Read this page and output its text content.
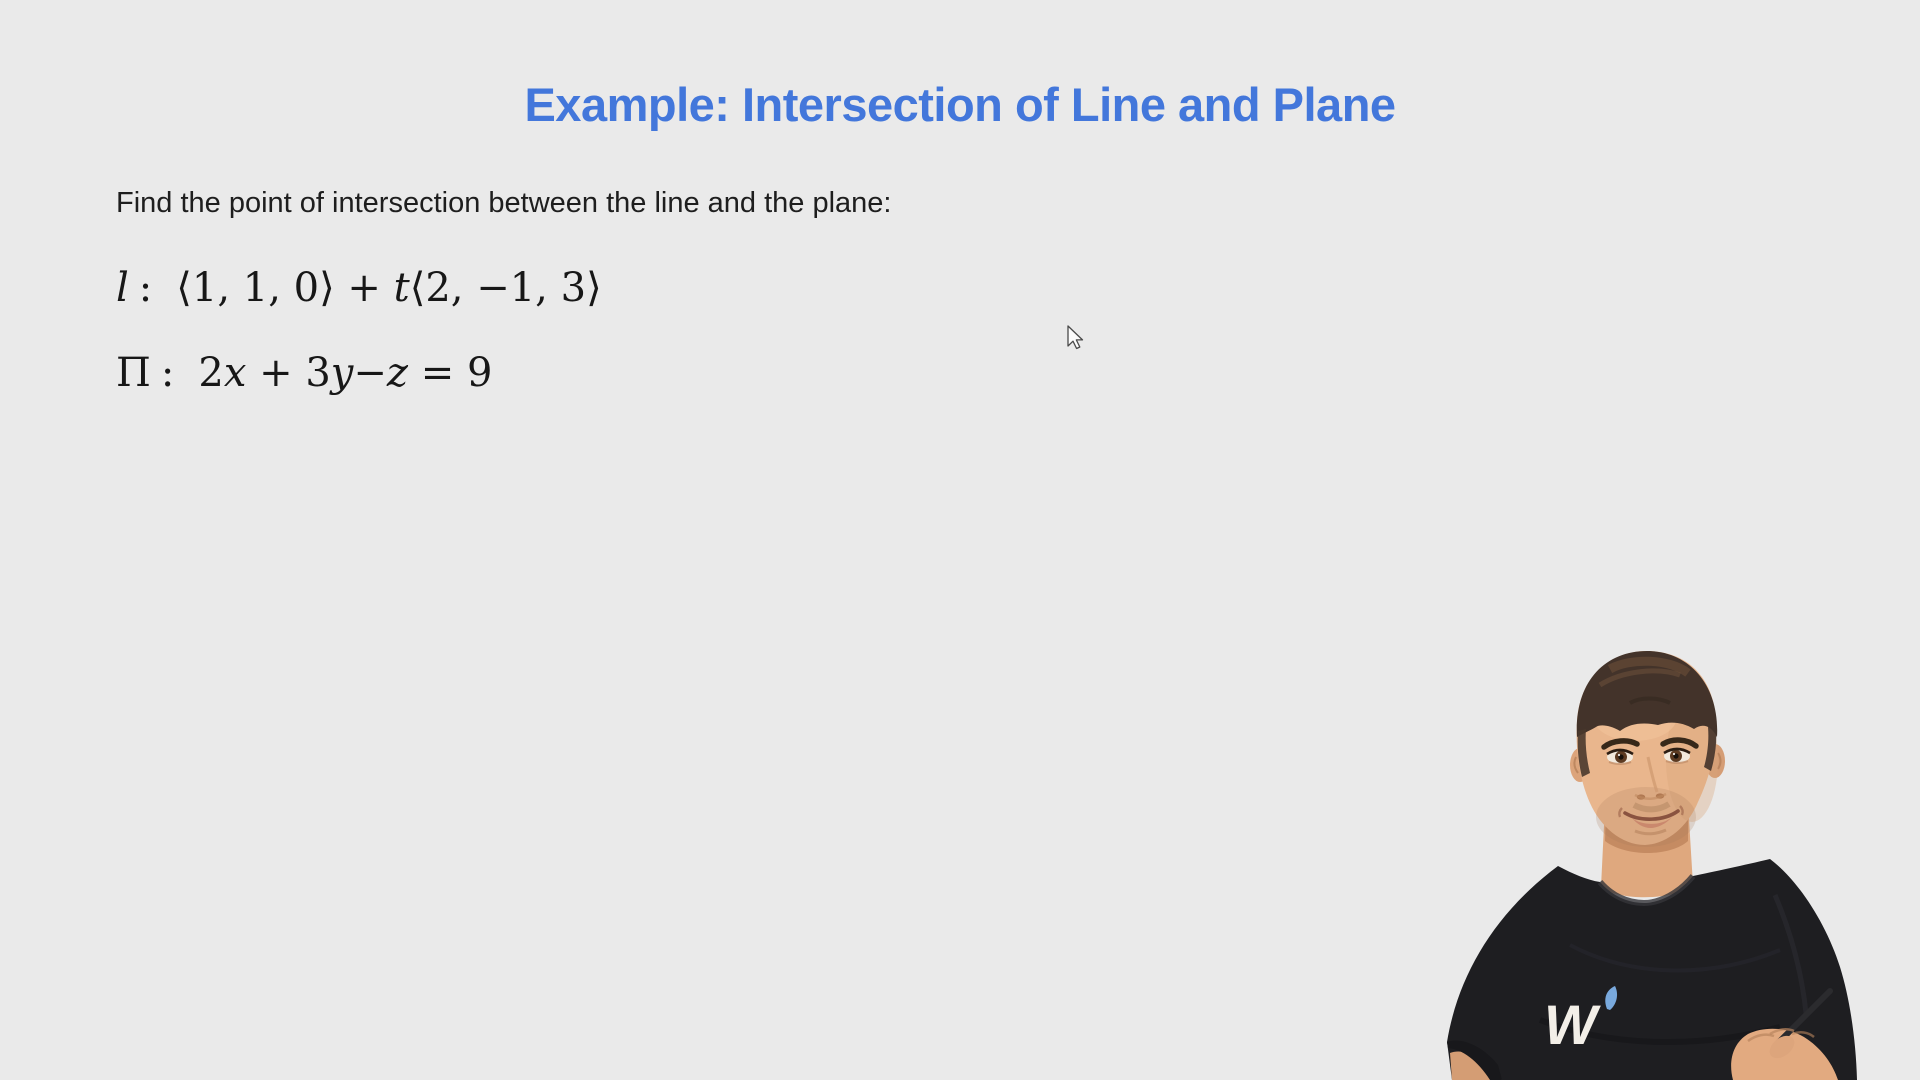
Example: Intersection of Line and Plane

Find the point of intersection between the line and the plane:

l : ⟨1, 1, 0⟩ + t⟨2, −1, 3⟩
Π : 2x + 3y−z = 9
W
